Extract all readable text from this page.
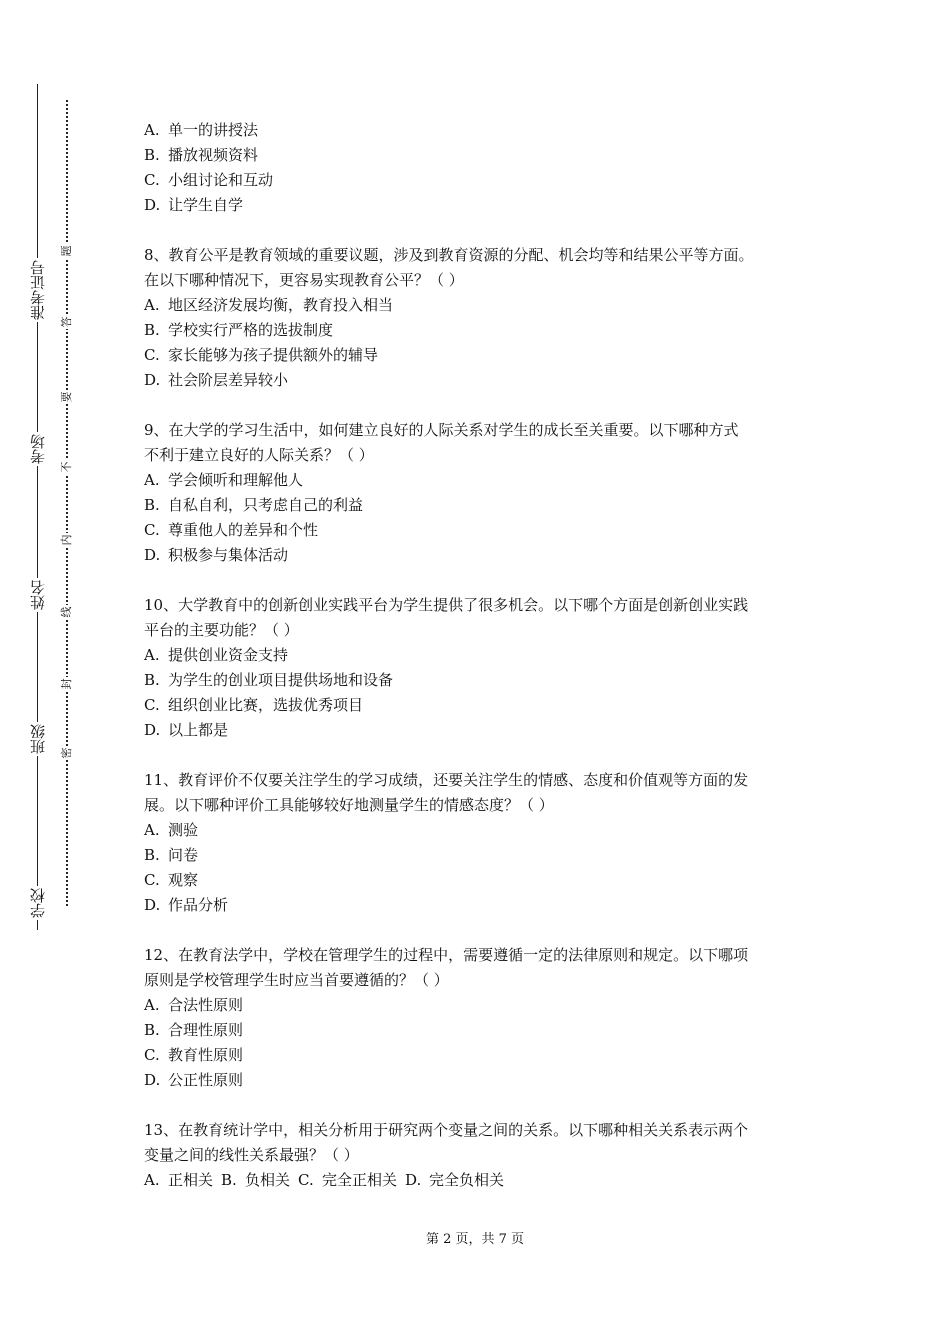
准考证号
考场
姓名
班级
学校
题
答
要
不
内
线
封
密
A. 单一的讲授法
B. 播放视频资料
C. 小组讨论和互动
D. 让学生自学
8、教育公平是教育领域的重要议题，涉及到教育资源的分配、机会均等和结果公平等方面。
在以下哪种情况下，更容易实现教育公平？（ ）
A. 地区经济发展均衡，教育投入相当
B. 学校实行严格的选拔制度
C. 家长能够为孩子提供额外的辅导
D. 社会阶层差异较小
9、在大学的学习生活中，如何建立良好的人际关系对学生的成长至关重要。以下哪种方式
不利于建立良好的人际关系？（ ）
A. 学会倾听和理解他人
B. 自私自利，只考虑自己的利益
C. 尊重他人的差异和个性
D. 积极参与集体活动
10、大学教育中的创新创业实践平台为学生提供了很多机会。以下哪个方面是创新创业实践
平台的主要功能？（ ）
A. 提供创业资金支持
B. 为学生的创业项目提供场地和设备
C. 组织创业比赛，选拔优秀项目
D. 以上都是
11、教育评价不仅要关注学生的学习成绩，还要关注学生的情感、态度和价值观等方面的发
展。以下哪种评价工具能够较好地测量学生的情感态度？（ ）
A. 测验
B. 问卷
C. 观察
D. 作品分析
12、在教育法学中，学校在管理学生的过程中，需要遵循一定的法律原则和规定。以下哪项
原则是学校管理学生时应当首要遵循的？（ ）
A. 合法性原则
B. 合理性原则
C. 教育性原则
D. 公正性原则
13、在教育统计学中，相关分析用于研究两个变量之间的关系。以下哪种相关关系表示两个
变量之间的线性关系最强？（ ）
A. 正相关 B. 负相关 C. 完全正相关 D. 完全负相关
第 2 页，共 7 页
